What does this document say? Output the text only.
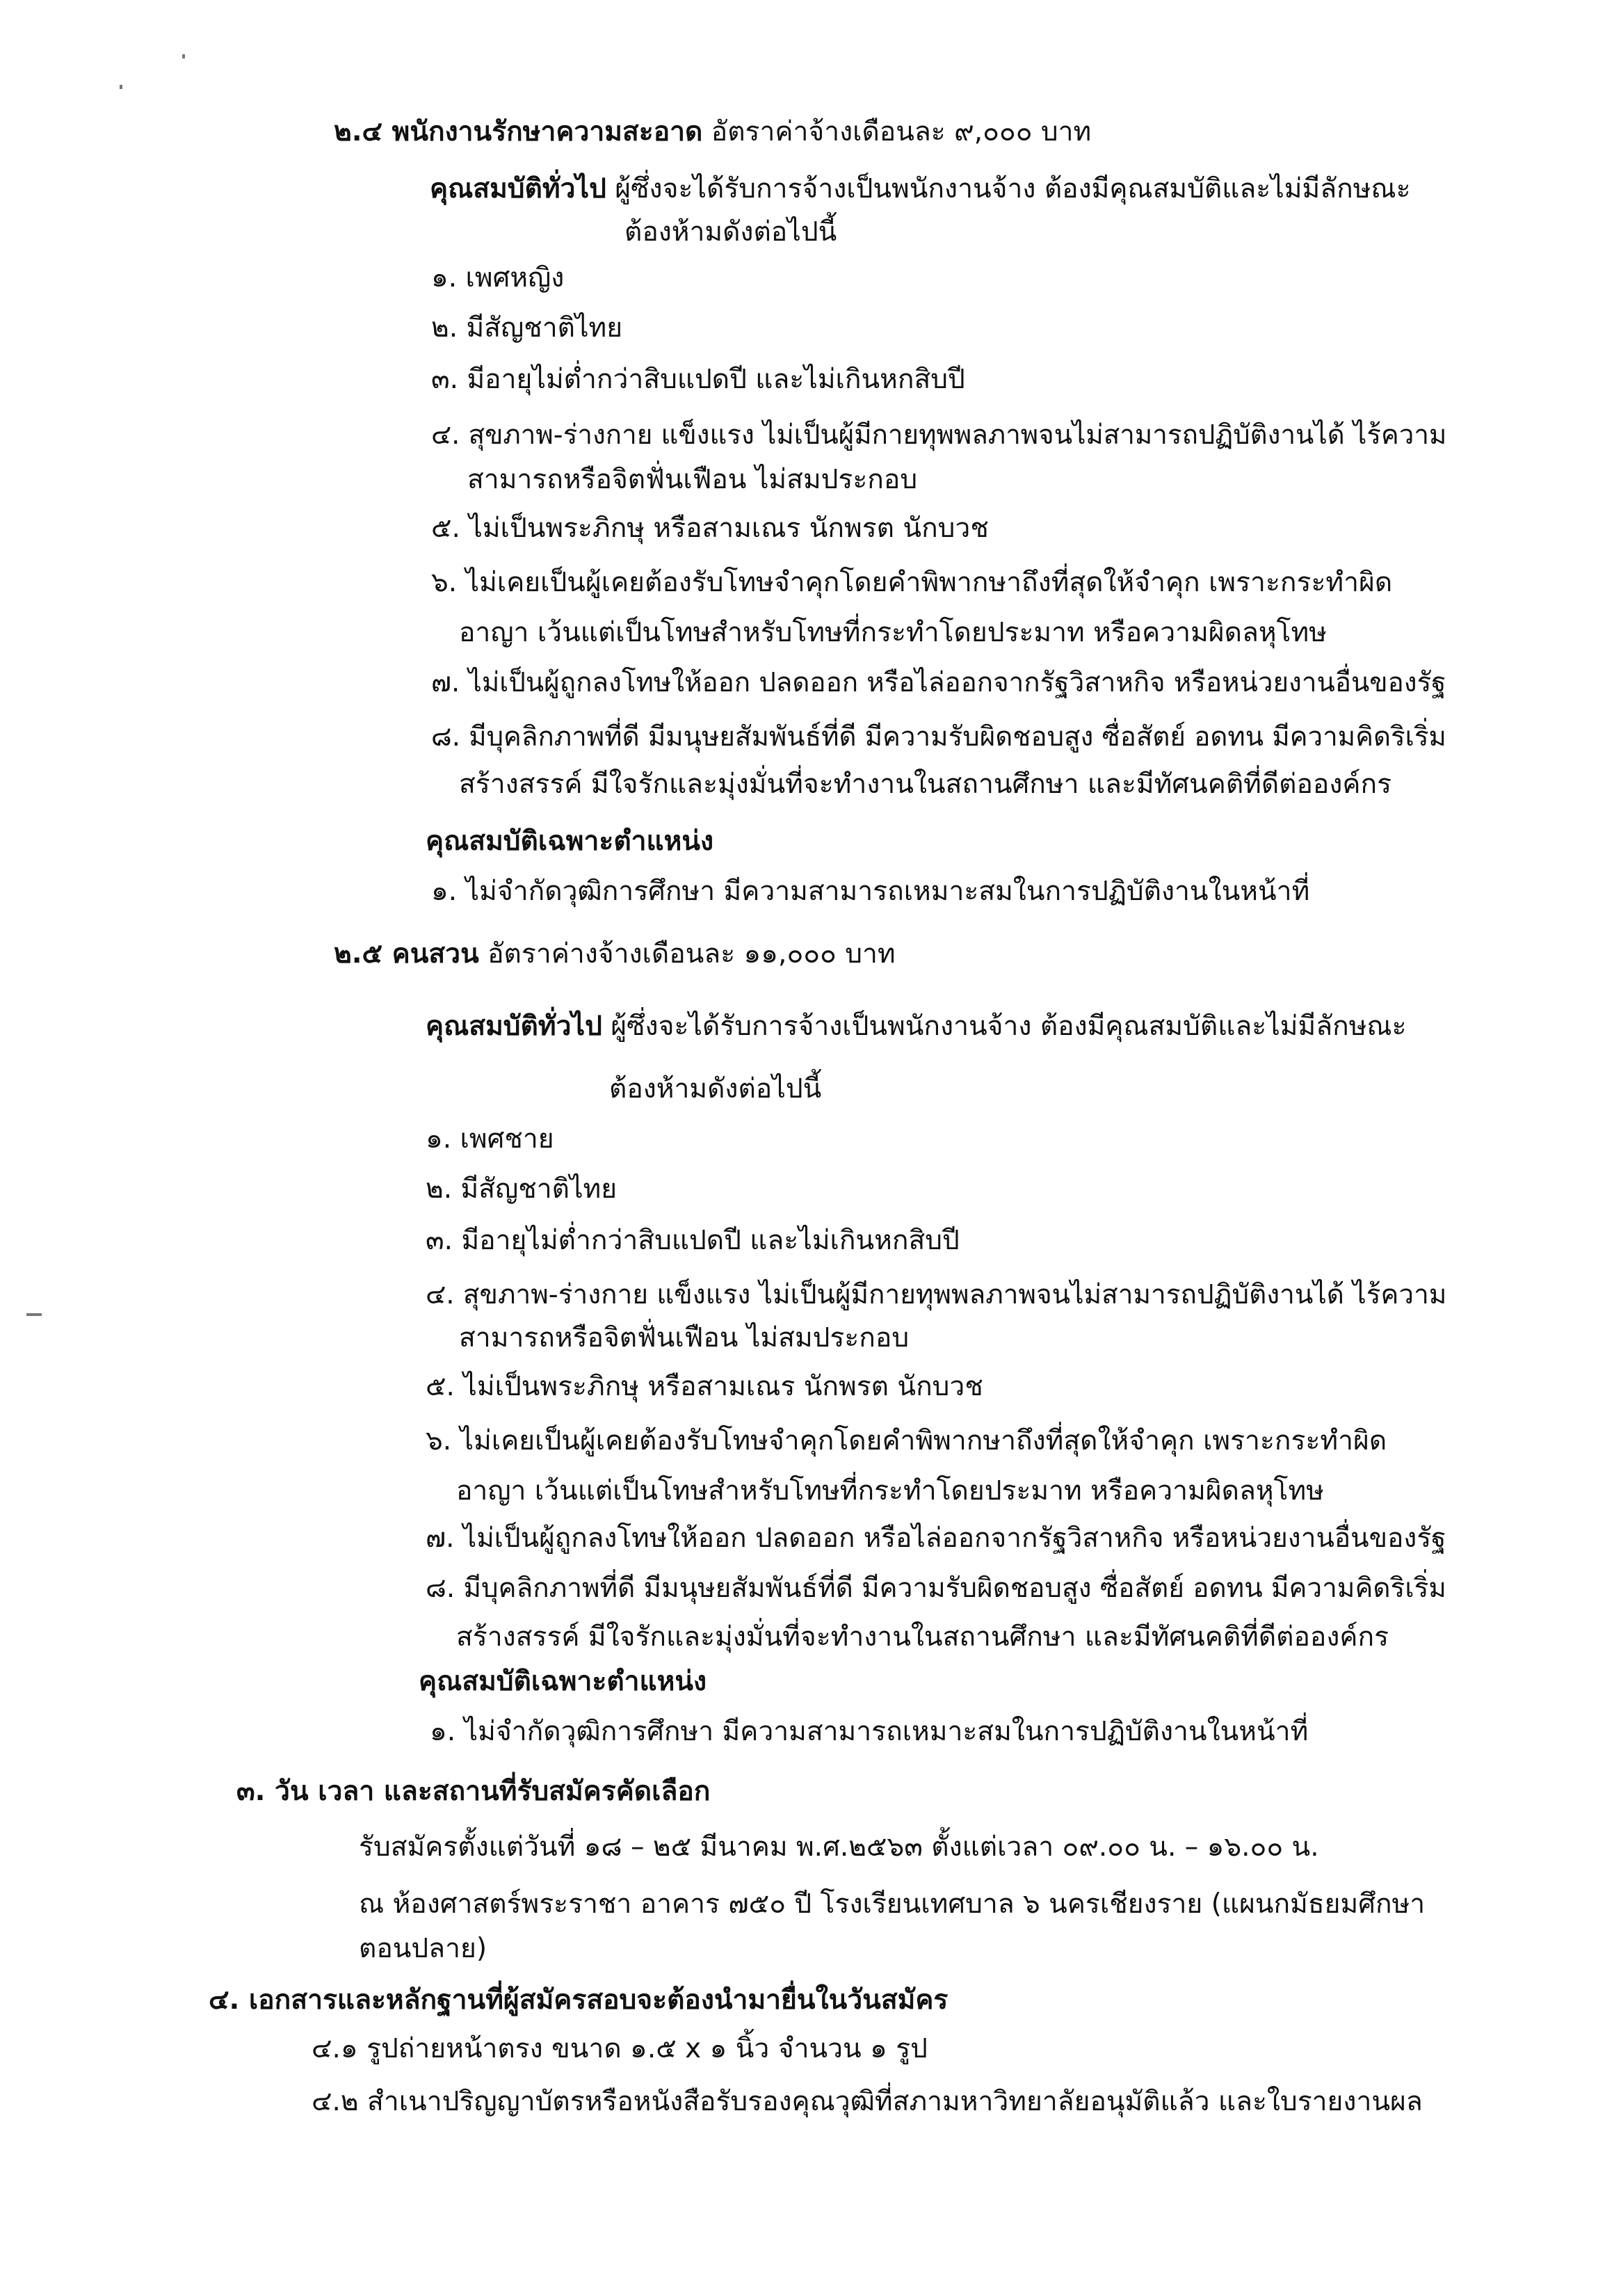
๒.๔ พนักงานรักษาความสะอาด อัตราค่าจ้างเดือนละ ๙,๐๐๐ บาท
คุณสมบัติทั่วไป ผู้ซึ่งจะได้รับการจ้างเป็นพนักงานจ้าง ต้องมีคุณสมบัติและไม่มีลักษณะ
ต้องห้ามดังต่อไปนี้
๑. เพศหญิง
๒. มีสัญชาติไทย
๓. มีอายุไม่ต่ำกว่าสิบแปดปี และไม่เกินหกสิบปี
๔. สุขภาพ-ร่างกาย แข็งแรง ไม่เป็นผู้มีกายทุพพลภาพจนไม่สามารถปฏิบัติงานได้ ไร้ความ
สามารถหรือจิตฟั่นเฟือน ไม่สมประกอบ
๕. ไม่เป็นพระภิกษุ หรือสามเณร นักพรต นักบวช
๖. ไม่เคยเป็นผู้เคยต้องรับโทษจำคุกโดยคำพิพากษาถึงที่สุดให้จำคุก เพราะกระทำผิด
อาญา เว้นแต่เป็นโทษสำหรับโทษที่กระทำโดยประมาท หรือความผิดลหุโทษ
๗. ไม่เป็นผู้ถูกลงโทษให้ออก ปลดออก หรือไล่ออกจากรัฐวิสาหกิจ หรือหน่วยงานอื่นของรัฐ
๘. มีบุคลิกภาพที่ดี มีมนุษยสัมพันธ์ที่ดี มีความรับผิดชอบสูง ซื่อสัตย์ อดทน มีความคิดริเริ่ม
สร้างสรรค์ มีใจรักและมุ่งมั่นที่จะทำงานในสถานศึกษา และมีทัศนคติที่ดีต่อองค์กร
คุณสมบัติเฉพาะตำแหน่ง
๑. ไม่จำกัดวุฒิการศึกษา มีความสามารถเหมาะสมในการปฏิบัติงานในหน้าที่
๒.๕ คนสวน อัตราค่างจ้างเดือนละ ๑๑,๐๐๐ บาท
คุณสมบัติทั่วไป ผู้ซึ่งจะได้รับการจ้างเป็นพนักงานจ้าง ต้องมีคุณสมบัติและไม่มีลักษณะ
ต้องห้ามดังต่อไปนี้
๑. เพศชาย
๒. มีสัญชาติไทย
๓. มีอายุไม่ต่ำกว่าสิบแปดปี และไม่เกินหกสิบปี
๔. สุขภาพ-ร่างกาย แข็งแรง ไม่เป็นผู้มีกายทุพพลภาพจนไม่สามารถปฏิบัติงานได้ ไร้ความ
สามารถหรือจิตฟั่นเฟือน ไม่สมประกอบ
๕. ไม่เป็นพระภิกษุ หรือสามเณร นักพรต นักบวช
๖. ไม่เคยเป็นผู้เคยต้องรับโทษจำคุกโดยคำพิพากษาถึงที่สุดให้จำคุก เพราะกระทำผิด
อาญา เว้นแต่เป็นโทษสำหรับโทษที่กระทำโดยประมาท หรือความผิดลหุโทษ
๗. ไม่เป็นผู้ถูกลงโทษให้ออก ปลดออก หรือไล่ออกจากรัฐวิสาหกิจ หรือหน่วยงานอื่นของรัฐ
๘. มีบุคลิกภาพที่ดี มีมนุษยสัมพันธ์ที่ดี มีความรับผิดชอบสูง ซื่อสัตย์ อดทน มีความคิดริเริ่ม
สร้างสรรค์ มีใจรักและมุ่งมั่นที่จะทำงานในสถานศึกษา และมีทัศนคติที่ดีต่อองค์กร
คุณสมบัติเฉพาะตำแหน่ง
๑. ไม่จำกัดวุฒิการศึกษา มีความสามารถเหมาะสมในการปฏิบัติงานในหน้าที่
๓. วัน เวลา และสถานที่รับสมัครคัดเลือก
รับสมัครตั้งแต่วันที่ ๑๘ – ๒๕ มีนาคม พ.ศ.๒๕๖๓ ตั้งแต่เวลา ๐๙.๐๐ น. – ๑๖.๐๐ น.
ณ ห้องศาสตร์พระราชา อาคาร ๗๕๐ ปี โรงเรียนเทศบาล ๖ นครเชียงราย (แผนกมัธยมศึกษา
ตอนปลาย)
๔. เอกสารและหลักฐานที่ผู้สมัครสอบจะต้องนำมายื่นในวันสมัคร
๔.๑ รูปถ่ายหน้าตรง ขนาด ๑.๕ x ๑ นิ้ว จำนวน ๑ รูป
๔.๒ สำเนาปริญญาบัตรหรือหนังสือรับรองคุณวุฒิที่สภามหาวิทยาลัยอนุมัติแล้ว และใบรายงานผล
